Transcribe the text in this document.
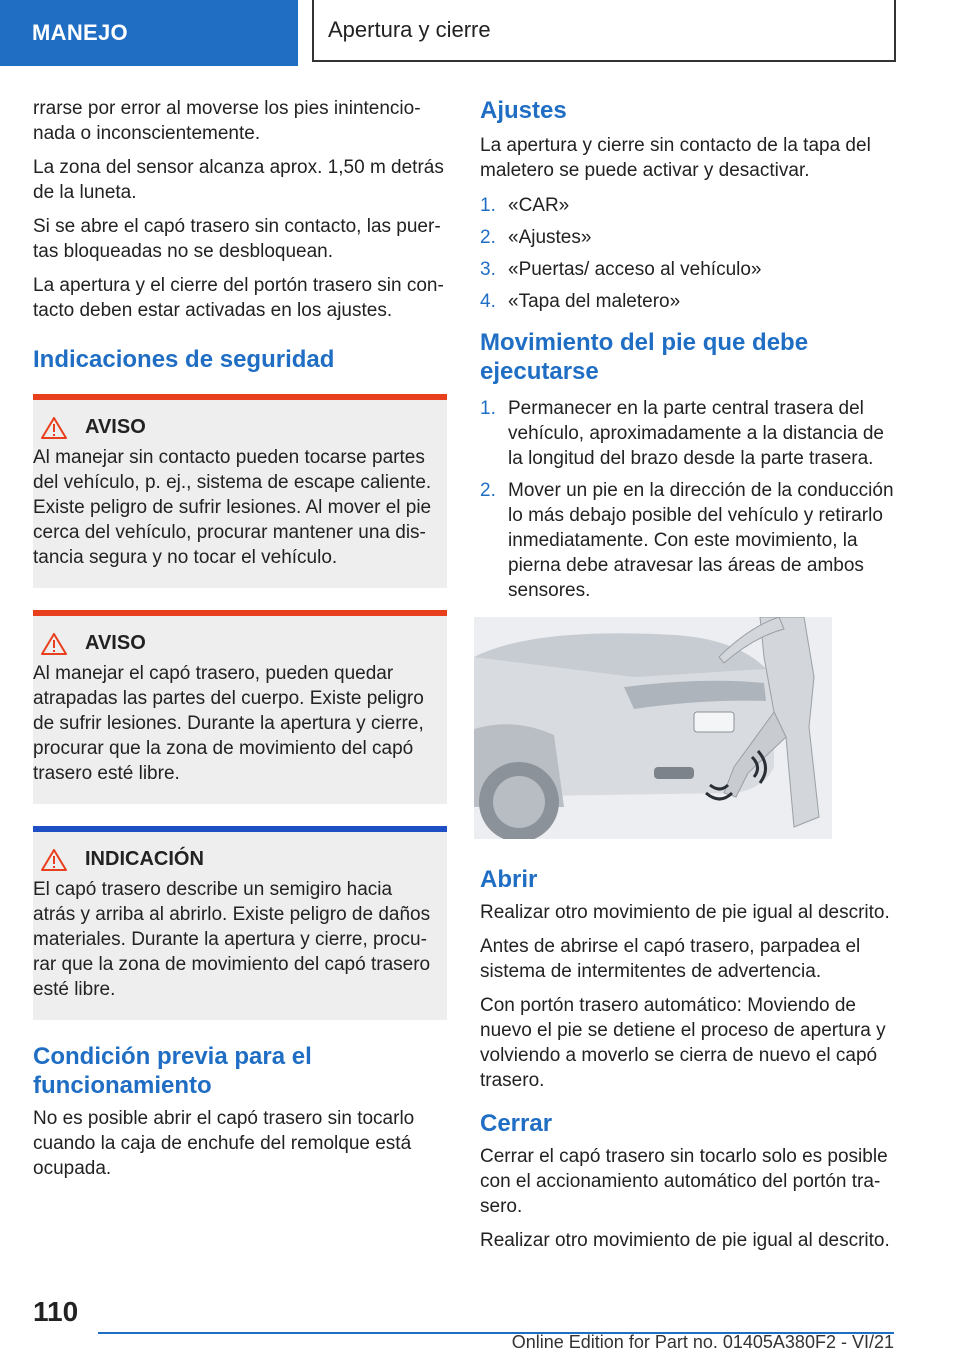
MANEJO	Apertura y cierre

rrarse por error al moverse los pies inintencionada o inconscientemente.

La zona del sensor alcanza aprox. 1,50 m detrás de la luneta.

Si se abre el capó trasero sin contacto, las puertas bloqueadas no se desbloquean.

La apertura y el cierre del portón trasero sin contacto deben estar activadas en los ajustes.

Indicaciones de seguridad
AVISO

Al manejar sin contacto pueden tocarse partes del vehículo, p. ej., sistema de escape caliente. Existe peligro de sufrir lesiones. Al mover el pie cerca del vehículo, procurar mantener una distancia segura y no tocar el vehículo.

AVISO

Al manejar el capó trasero, pueden quedar atrapadas las partes del cuerpo. Existe peligro de sufrir lesiones. Durante la apertura y cierre, procurar que la zona de movimiento del capó trasero esté libre.

INDICACIÓN

El capó trasero describe un semigiro hacia atrás y arriba al abrirlo. Existe peligro de daños materiales. Durante la apertura y cierre, procurar que la zona de movimiento del capó trasero esté libre.

Condición previa para el funcionamiento

No es posible abrir el capó trasero sin tocarlo cuando la caja de enchufe del remolque está ocupada.

Ajustes

La apertura y cierre sin contacto de la tapa del maletero se puede activar y desactivar.

1. «CAR»
2. «Ajustes»
3. «Puertas/ acceso al vehículo»
4. «Tapa del maletero»
Movimiento del pie que debe ejecutarse
1. Permanecer en la parte central trasera del vehículo, aproximadamente a la distancia de la longitud del brazo desde la parte trasera.
2. Mover un pie en la dirección de la conducción lo más debajo posible del vehículo y retirarlo inmediatamente. Con este movimiento, la pierna debe atravesar las áreas de ambos sensores.
Abrir

Realizar otro movimiento de pie igual al descrito.

Antes de abrirse el capó trasero, parpadea el sistema de intermitentes de advertencia.

Con portón trasero automático: Moviendo de nuevo el pie se detiene el proceso de apertura y volviendo a moverlo se cierra de nuevo el capó trasero.

Cerrar

Cerrar el capó trasero sin tocarlo solo es posible con el accionamiento automático del portón trasero.

Realizar otro movimiento de pie igual al descrito.

110
Online Edition for Part no. 01405A380F2 - VI/21
